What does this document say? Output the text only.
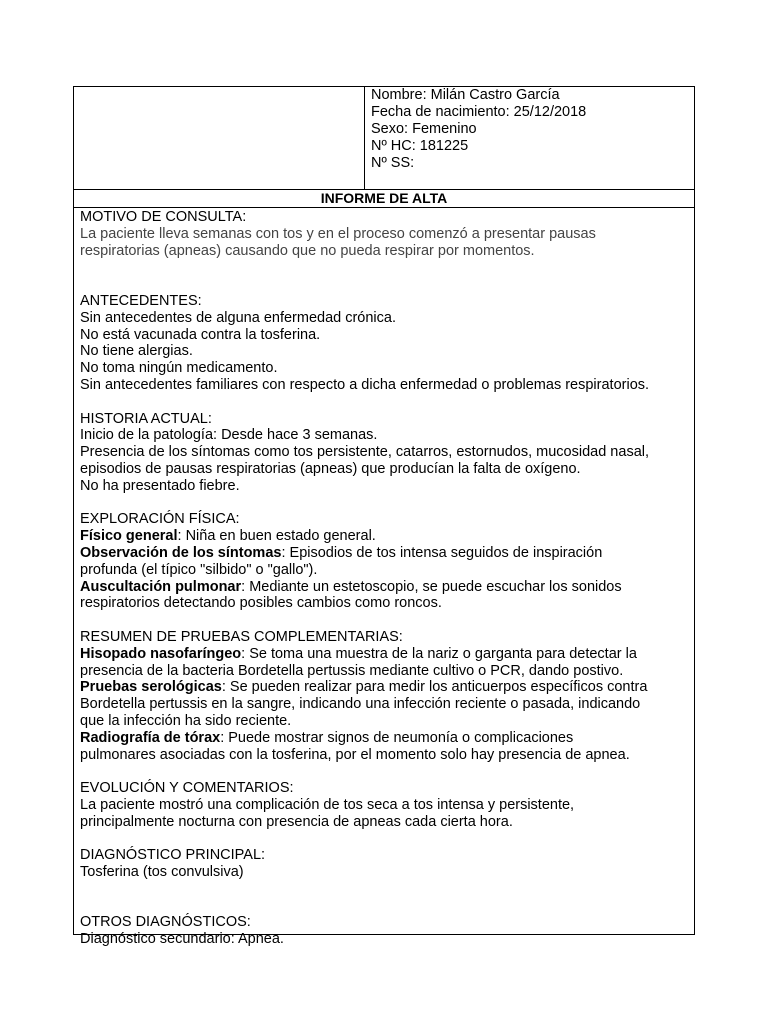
Nombre: Milán Castro García
Fecha de nacimiento: 25/12/2018
Sexo: Femenino
Nº HC: 181225
Nº SS:
INFORME DE ALTA
MOTIVO DE CONSULTA:
La paciente lleva semanas con tos y en el proceso comenzó a presentar pausas
respiratorias (apneas) causando que no pueda respirar por momentos.
ANTECEDENTES:
Sin antecedentes de alguna enfermedad crónica.
No está vacunada contra la tosferina.
No tiene alergias.
No toma ningún medicamento.
Sin antecedentes familiares con respecto a dicha enfermedad o problemas respiratorios.
HISTORIA ACTUAL:
Inicio de la patología: Desde hace 3 semanas.
Presencia de los síntomas como tos persistente, catarros, estornudos, mucosidad nasal,
episodios de pausas respiratorias (apneas) que producían la falta de oxígeno.
No ha presentado fiebre.
EXPLORACIÓN FÍSICA:
Físico general: Niña en buen estado general.
Observación de los síntomas: Episodios de tos intensa seguidos de inspiración
profunda (el típico "silbido" o "gallo").
Auscultación pulmonar: Mediante un estetoscopio, se puede escuchar los sonidos
respiratorios detectando posibles cambios como roncos.
RESUMEN DE PRUEBAS COMPLEMENTARIAS:
Hisopado nasofaríngeo: Se toma una muestra de la nariz o garganta para detectar la
presencia de la bacteria Bordetella pertussis mediante cultivo o PCR, dando postivo.
Pruebas serológicas: Se pueden realizar para medir los anticuerpos específicos contra
Bordetella pertussis en la sangre, indicando una infección reciente o pasada, indicando
que la infección ha sido reciente.
Radiografía de tórax: Puede mostrar signos de neumonía o complicaciones
pulmonares asociadas con la tosferina, por el momento solo hay presencia de apnea.
EVOLUCIÓN Y COMENTARIOS:
La paciente mostró una complicación de tos seca a tos intensa y persistente,
principalmente nocturna con presencia de apneas cada cierta hora.
DIAGNÓSTICO PRINCIPAL:
Tosferina (tos convulsiva)
OTROS DIAGNÓSTICOS:
Diagnóstico secundario: Apnea.
